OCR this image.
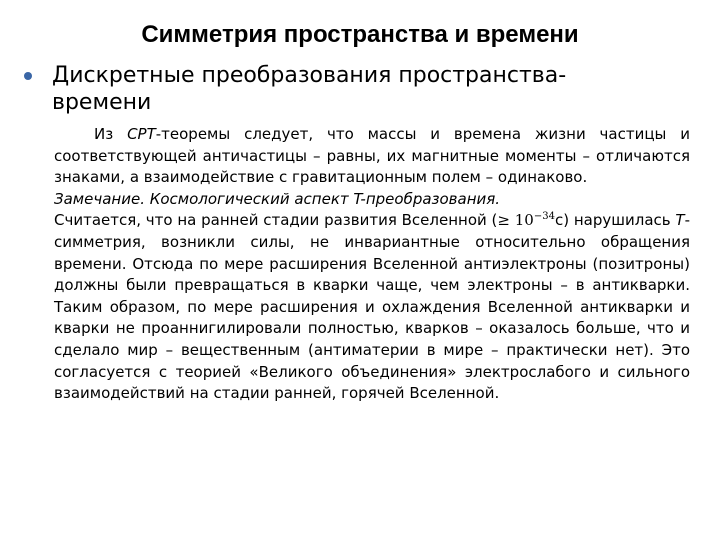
Симметрия пространства и времени
Дискретные преобразования пространства-времени

Из CPT-теоремы следует, что массы и времена жизни частицы и соответствующей античастицы – равны, их магнитные моменты – отличаются знаками, а взаимодействие с гравитационным полем – одинаково.

Замечание. Космологический аспект T-преобразования.

Считается, что на ранней стадии развития Вселенной (≥ $10^{-34}с$) нарушилась T-симметрия, возникли силы, не инвариантные относительно обращения времени. Отсюда по мере расширения Вселенной антиэлектроны (позитроны) должны были превращаться в кварки чаще, чем электроны – в антикварки. Таким образом, по мере расширения и охлаждения Вселенной антикварки и кварки не проаннигилировали полностью, кварков – оказалось больше, что и сделало мир – вещественным (антиматерии в мире – практически нет). Это согласуется с теорией «Великого объединения» электрослабого и сильного взаимодействий на стадии ранней, горячей Вселенной.
